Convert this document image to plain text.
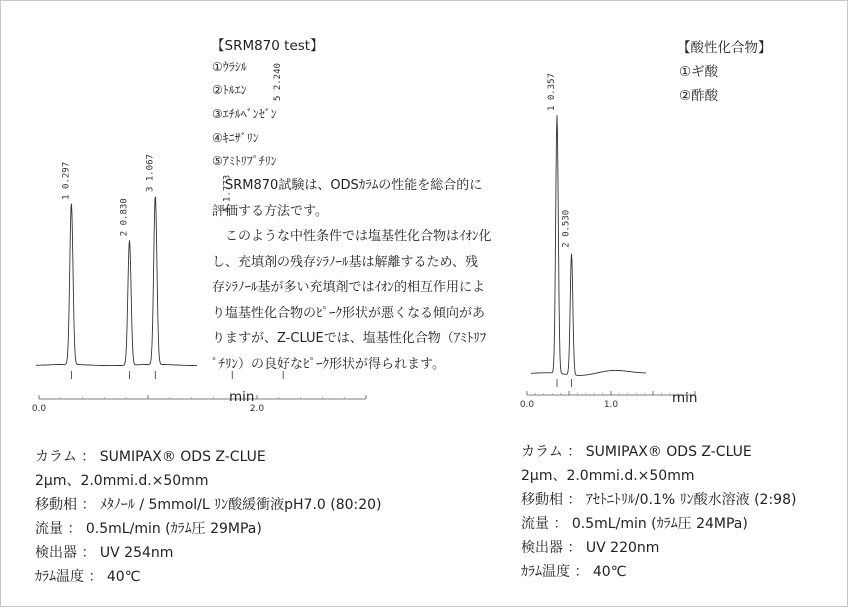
0.0	2.0
1 0.297
2 0.830
3 1.067
4 1.773
5 2.240
0.0	1.0
1 0.357
2 0.530
min	min
【SRM870 test】
①ｳﾗｼﾙ
②ﾄﾙｴﾝ
③ｴﾁﾙﾍﾞﾝｾﾞﾝ
④ｷﾆｻﾞﾘﾝ
⑤ｱﾐﾄﾘﾌﾟﾁﾘﾝ
SRM870試験は、ODSｶﾗﾑの性能を総合的に
評価する方法です。
このような中性条件では塩基性化合物はｲｵﾝ化
し、充填剤の残存ｼﾗﾉｰﾙ基は解離するため、残
存ｼﾗﾉｰﾙ基が多い充填剤ではｲｵﾝ的相互作用によ
り塩基性化合物のﾋﾟｰｸ形状が悪くなる傾向があ
りますが、Z-CLUEでは、塩基性化合物（ｱﾐﾄﾘﾌ
ﾟﾁﾘﾝ）の良好なﾋﾟｰｸ形状が得られます。
【酸性化合物】
①ギ酸
②酢酸
カラム ： SUMIPAX® ODS Z-CLUE
2μm、2.0mmi.d.×50mm
移動相 ： ﾒﾀﾉｰﾙ / 5mmol/L ﾘﾝ酸緩衝液pH7.0 (80:20)
流量 ： 0.5mL/min (ｶﾗﾑ圧 29MPa)
検出器 ： UV 254nm
ｶﾗﾑ温度 ： 40℃
カラム ： SUMIPAX® ODS Z-CLUE
2μm、2.0mmi.d.×50mm
移動相 ： ｱｾﾄﾆﾄﾘﾙ/0.1% ﾘﾝ酸水溶液 (2:98)
流量 ： 0.5mL/min (ｶﾗﾑ圧 24MPa)
検出器 ： UV 220nm
ｶﾗﾑ温度 ： 40℃
